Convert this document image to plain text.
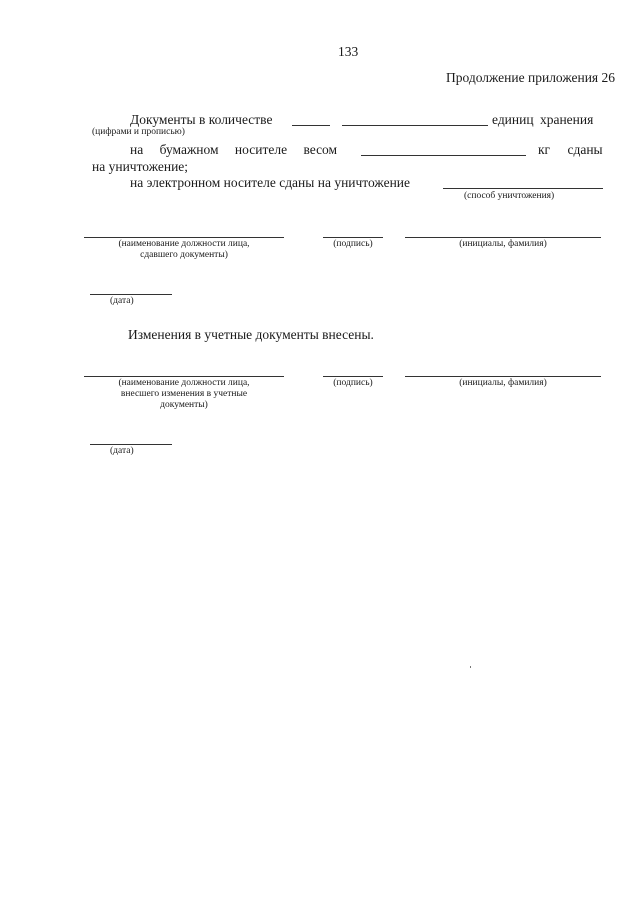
133
Продолжение приложения 26
Документы в количестве	единиц хранения
(цифрами и прописью)
на бумажном носителе весом	кг сданы
на уничтожение;
на электронном носителе сданы на уничтожение
(способ уничтожения)
(наименование должности лица,
сдавшего документы)
(подпись)	(инициалы, фамилия)
(дата)
Изменения в учетные документы внесены.
(наименование должности лица,
внесшего изменения в учетные
документы)
(подпись)	(инициалы, фамилия)
(дата)
